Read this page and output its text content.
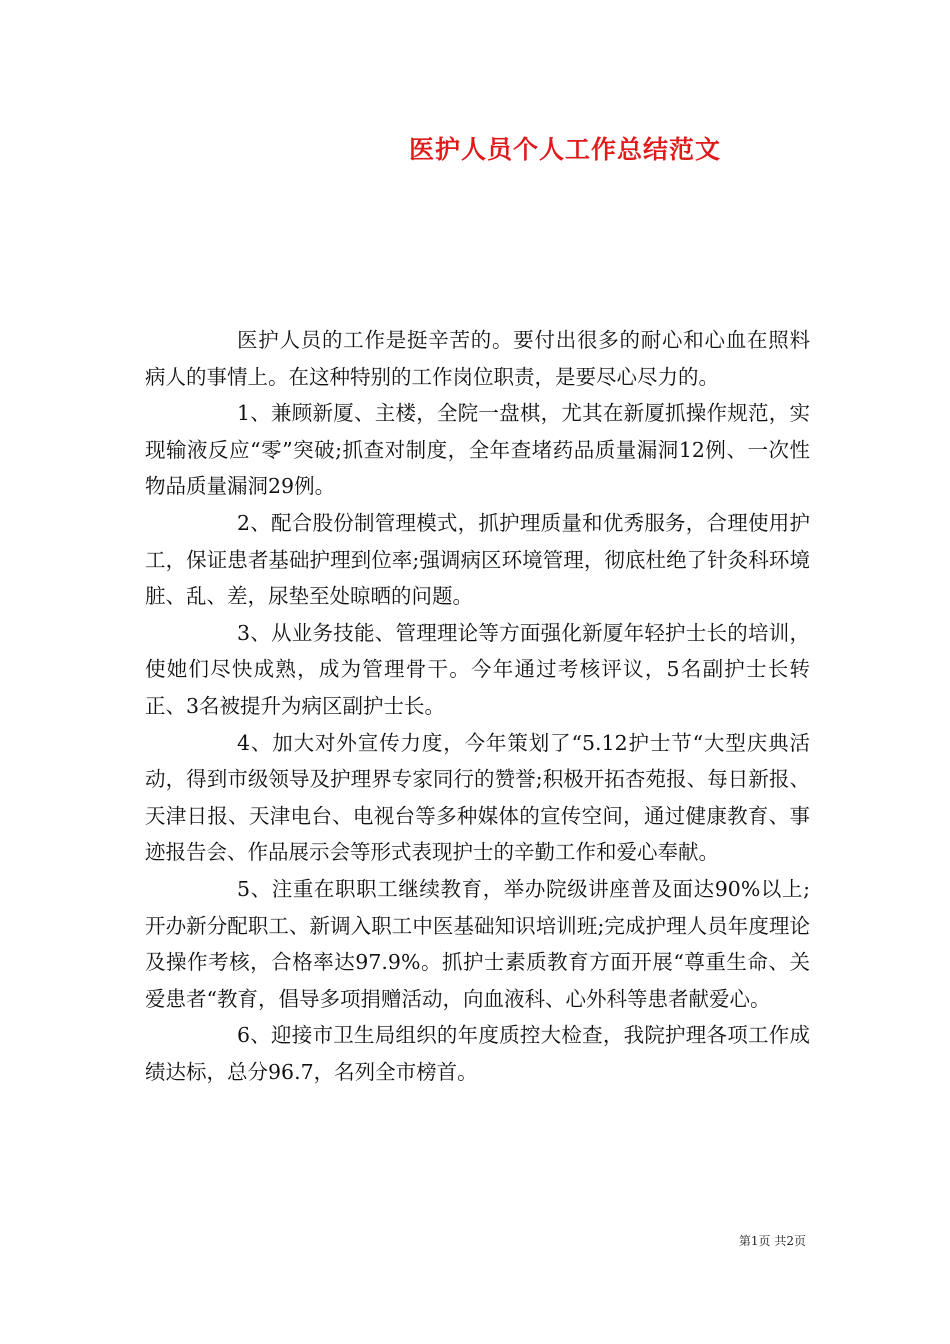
医护人员个人工作总结范文

医护人员的工作是挺辛苦的。要付出很多的耐心和心血在照料病人的事情上。在这种特别的工作岗位职责，是要尽心尽力的。

1、兼顾新厦、主楼，全院一盘棋，尤其在新厦抓操作规范，实现输液反应“零”突破;抓查对制度，全年查堵药品质量漏洞12例、一次性物品质量漏洞29例。

2、配合股份制管理模式，抓护理质量和优秀服务，合理使用护工，保证患者基础护理到位率;强调病区环境管理，彻底杜绝了针灸科环境脏、乱、差，尿垫至处晾晒的问题。

3、从业务技能、管理理论等方面强化新厦年轻护士长的培训，使她们尽快成熟，成为管理骨干。今年通过考核评议，5名副护士长转正、3名被提升为病区副护士长。

4、加大对外宣传力度，今年策划了“5.12护士节“大型庆典活动，得到市级领导及护理界专家同行的赞誉;积极开拓杏苑报、每日新报、天津日报、天津电台、电视台等多种媒体的宣传空间，通过健康教育、事迹报告会、作品展示会等形式表现护士的辛勤工作和爱心奉献。

5、注重在职职工继续教育，举办院级讲座普及面达90%以上;开办新分配职工、新调入职工中医基础知识培训班;完成护理人员年度理论及操作考核，合格率达97.9%。抓护士素质教育方面开展“尊重生命、关爱患者“教育，倡导多项捐赠活动，向血液科、心外科等患者献爱心。

6、迎接市卫生局组织的年度质控大检查，我院护理各项工作成绩达标，总分96.7，名列全市榜首。

第1页 共2页
